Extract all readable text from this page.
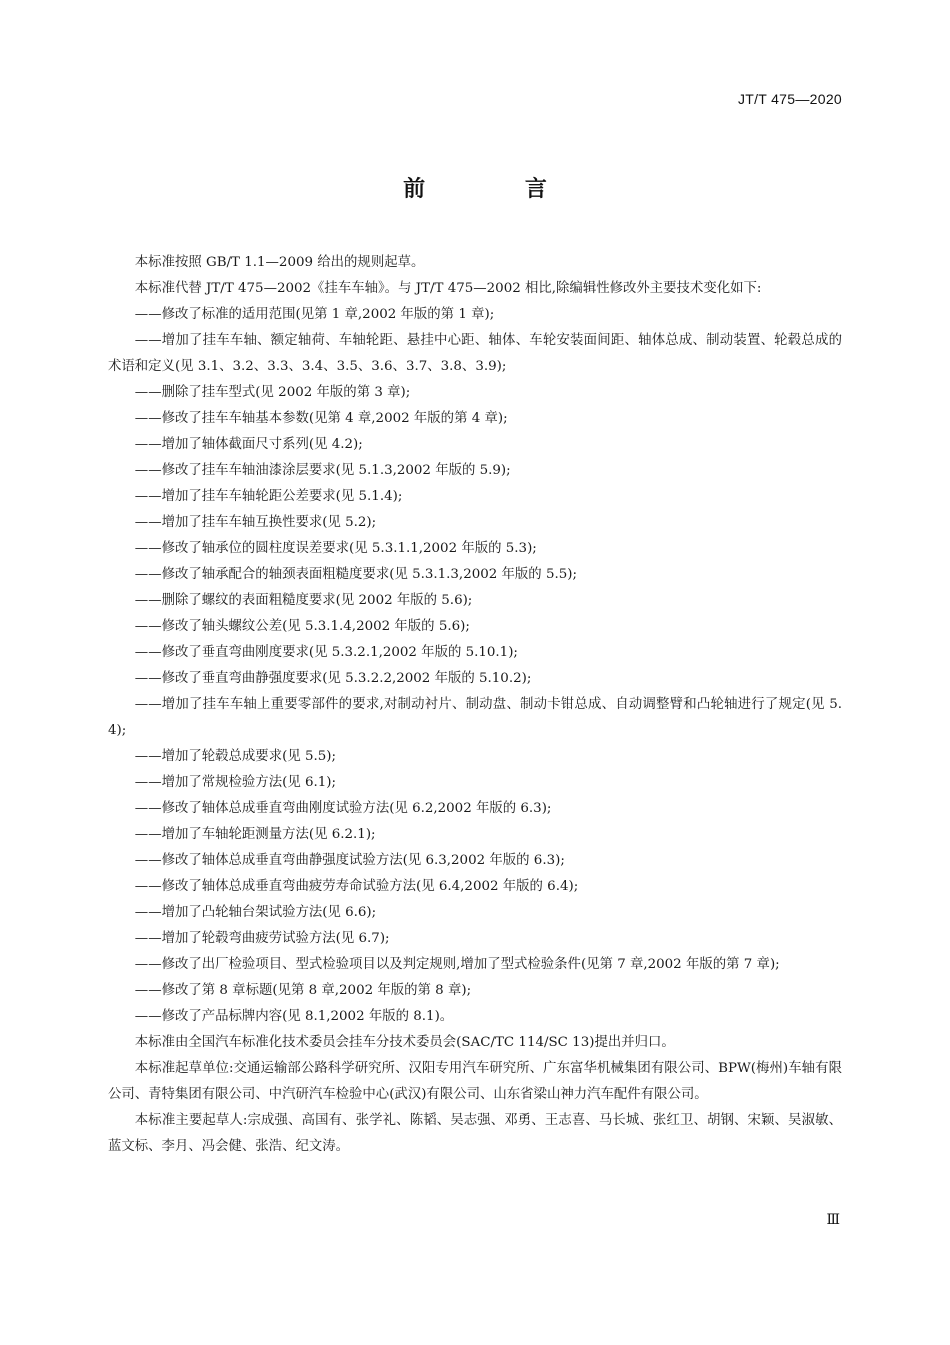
JT/T 475—2020
前 言

本标准按照 GB/T 1.1—2009 给出的规则起草。

本标准代替 JT/T 475—2002《挂车车轴》。与 JT/T 475—2002 相比,除编辑性修改外主要技术变化如下:

——修改了标准的适用范围(见第 1 章,2002 年版的第 1 章);

——增加了挂车车轴、额定轴荷、车轴轮距、悬挂中心距、轴体、车轮安装面间距、轴体总成、制动装置、轮毂总成的术语和定义(见 3.1、3.2、3.3、3.4、3.5、3.6、3.7、3.8、3.9);

——删除了挂车型式(见 2002 年版的第 3 章);

——修改了挂车车轴基本参数(见第 4 章,2002 年版的第 4 章);

——增加了轴体截面尺寸系列(见 4.2);

——修改了挂车车轴油漆涂层要求(见 5.1.3,2002 年版的 5.9);

——增加了挂车车轴轮距公差要求(见 5.1.4);

——增加了挂车车轴互换性要求(见 5.2);

——修改了轴承位的圆柱度误差要求(见 5.3.1.1,2002 年版的 5.3);

——修改了轴承配合的轴颈表面粗糙度要求(见 5.3.1.3,2002 年版的 5.5);

——删除了螺纹的表面粗糙度要求(见 2002 年版的 5.6);

——修改了轴头螺纹公差(见 5.3.1.4,2002 年版的 5.6);

——修改了垂直弯曲刚度要求(见 5.3.2.1,2002 年版的 5.10.1);

——修改了垂直弯曲静强度要求(见 5.3.2.2,2002 年版的 5.10.2);

——增加了挂车车轴上重要零部件的要求,对制动衬片、制动盘、制动卡钳总成、自动调整臂和凸轮轴进行了规定(见 5.4);

——增加了轮毂总成要求(见 5.5);

——增加了常规检验方法(见 6.1);

——修改了轴体总成垂直弯曲刚度试验方法(见 6.2,2002 年版的 6.3);

——增加了车轴轮距测量方法(见 6.2.1);

——修改了轴体总成垂直弯曲静强度试验方法(见 6.3,2002 年版的 6.3);

——修改了轴体总成垂直弯曲疲劳寿命试验方法(见 6.4,2002 年版的 6.4);

——增加了凸轮轴台架试验方法(见 6.6);

——增加了轮毂弯曲疲劳试验方法(见 6.7);

——修改了出厂检验项目、型式检验项目以及判定规则,增加了型式检验条件(见第 7 章,2002 年版的第 7 章);

——修改了第 8 章标题(见第 8 章,2002 年版的第 8 章);

——修改了产品标牌内容(见 8.1,2002 年版的 8.1)。

本标准由全国汽车标准化技术委员会挂车分技术委员会(SAC/TC 114/SC 13)提出并归口。

本标准起草单位:交通运输部公路科学研究所、汉阳专用汽车研究所、广东富华机械集团有限公司、BPW(梅州)车轴有限公司、青特集团有限公司、中汽研汽车检验中心(武汉)有限公司、山东省梁山神力汽车配件有限公司。

本标准主要起草人:宗成强、高国有、张学礼、陈韬、吴志强、邓勇、王志喜、马长城、张红卫、胡钢、宋颖、吴淑敏、蓝文标、李月、冯会健、张浩、纪文涛。

Ⅲ
